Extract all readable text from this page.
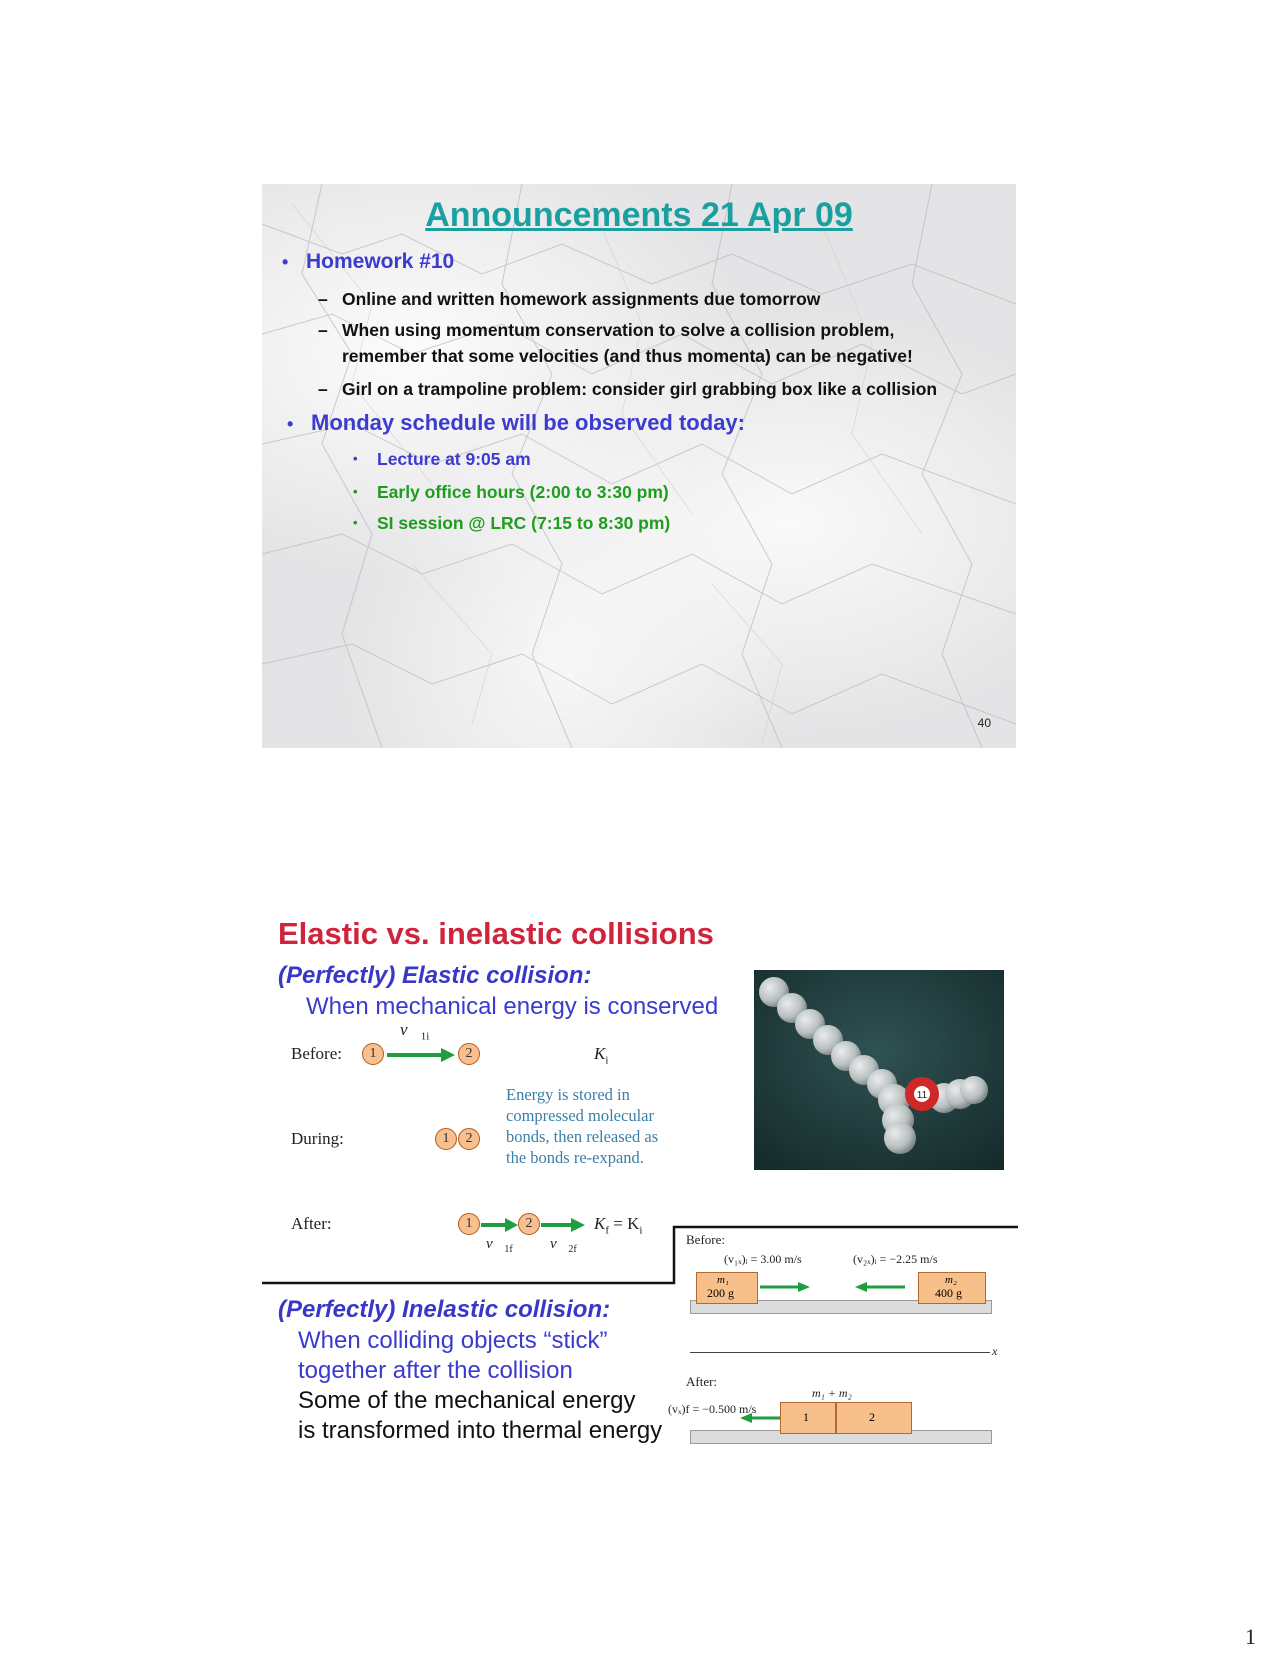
Announcements 21 Apr 09
• Homework #10
– Online and written homework assignments due tomorrow
– When using momentum conservation to solve a collision problem,
remember that some velocities (and thus momenta) can be negative!
– Girl on a trampoline problem: consider girl grabbing box like a collision
• Monday schedule will be observed today:
• Lecture at 9:05 am
• Early office hours (2:00 to 3:30 pm)
• SI session @ LRC (7:15 to 8:30 pm)
40
Elastic vs. inelastic collisions
(Perfectly) Elastic collision:
When mechanical energy is conserved
Before:	1	2
$v⃗_{1i}$
$K_i$
During:	1	2
Energy is stored in compressed molecular bonds, then released as the bonds re-expand.
After:	1	2
$v⃗_{1f}$ $v⃗_{2f}$
$K_f = K_i$
11
(Perfectly) Inelastic collision:
When colliding objects “stick”
together after the collision
Some of the mechanical energy
is transformed into thermal energy
Before:
(v₁ₓ)ᵢ = 3.00 m/s	(v₂ₓ)ᵢ = −2.25 m/s
m₁
200 g
m₂
400 g
x
After:
m₁ + m₂
(vₓ)f = −0.500 m/s
1	2
1
